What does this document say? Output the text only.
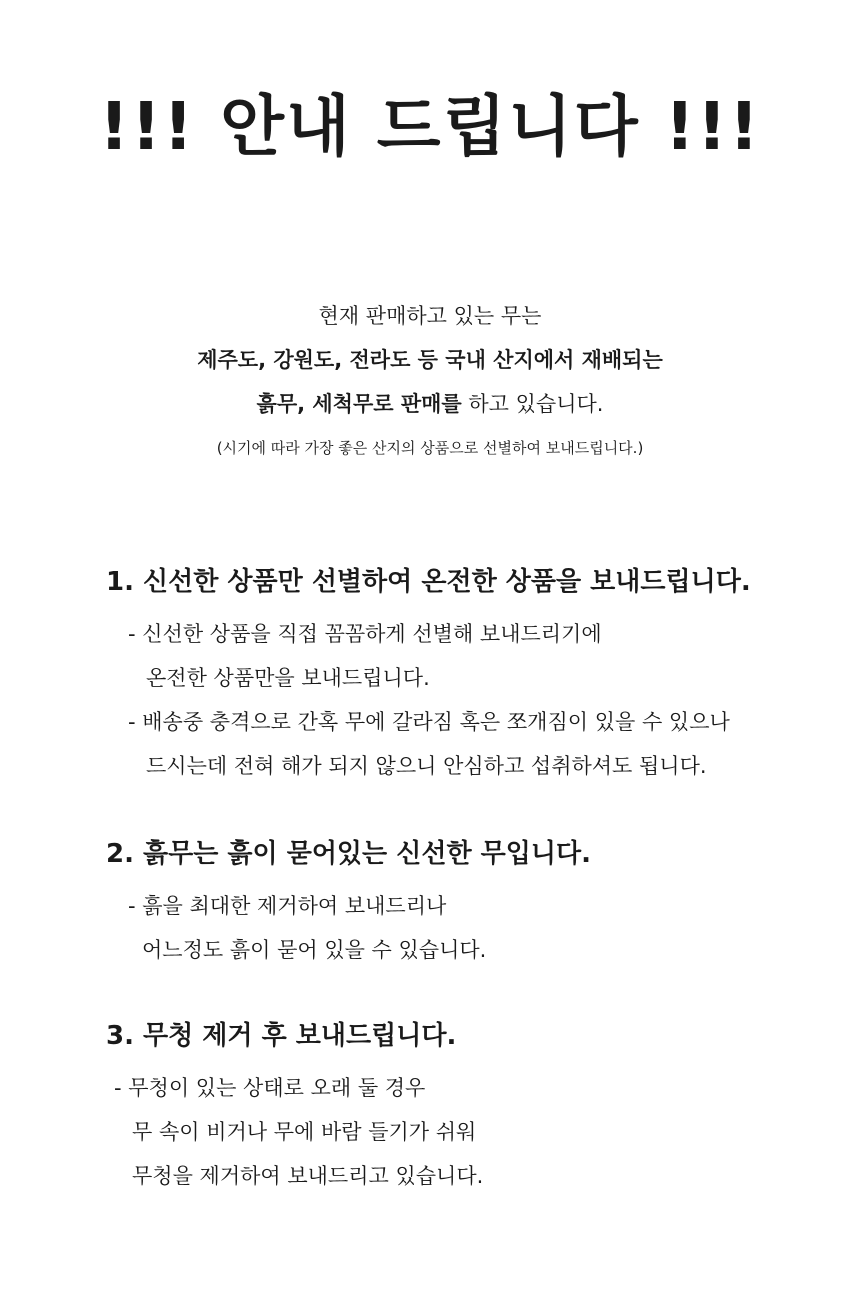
!!! 안내 드립니다 !!!
현재 판매하고 있는 무는
제주도, 강원도, 전라도 등 국내 산지에서 재배되는
흙무, 세척무로 판매를 하고 있습니다.
(시기에 따라 가장 좋은 산지의 상품으로 선별하여 보내드립니다.)
1. 신선한 상품만 선별하여 온전한 상품을 보내드립니다.
- 신선한 상품을 직접 꼼꼼하게 선별해 보내드리기에
온전한 상품만을 보내드립니다.
- 배송중 충격으로 간혹 무에 갈라짐 혹은 쪼개짐이 있을 수 있으나
드시는데 전혀 해가 되지 않으니 안심하고 섭취하셔도 됩니다.
2. 흙무는 흙이 묻어있는 신선한 무입니다.
- 흙을 최대한 제거하여 보내드리나
어느정도 흙이 묻어 있을 수 있습니다.
3. 무청 제거 후 보내드립니다.
- 무청이 있는 상태로 오래 둘 경우
무 속이 비거나 무에 바람 들기가 쉬워
무청을 제거하여 보내드리고 있습니다.
